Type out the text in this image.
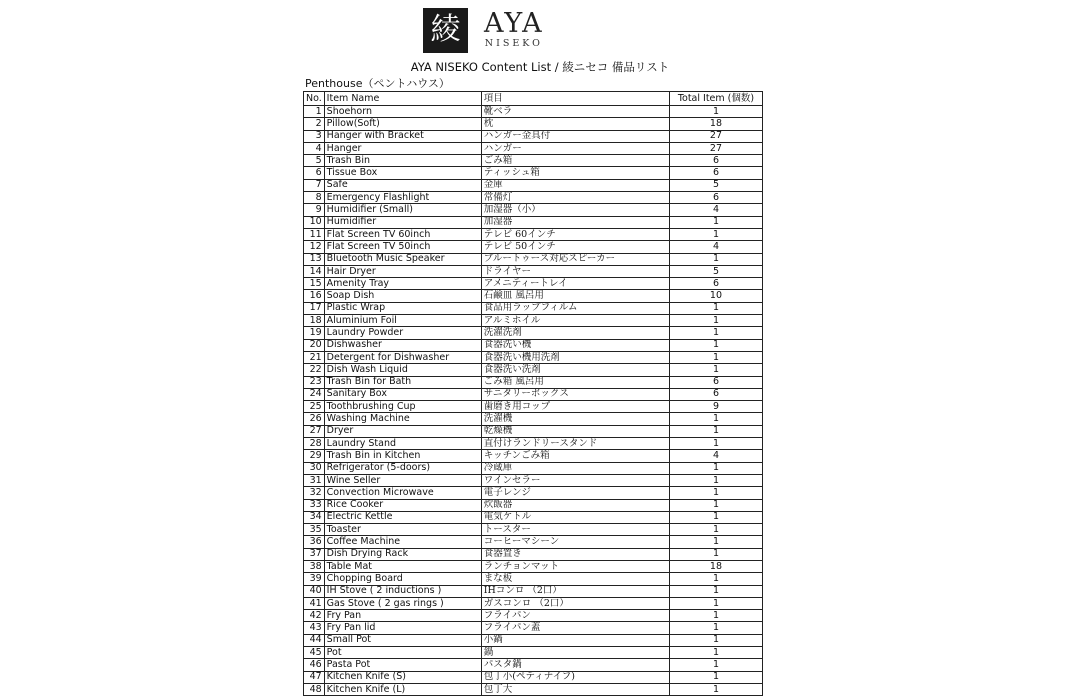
綾 AYA
NISEKO
AYA NISEKO Content List / 綾ニセコ 備品リスト
Penthouse（ペントハウス）
No.	Item Name	項目	Total Item (個数)
1	Shoehorn	靴ベラ	1
2	Pillow(Soft)	枕	18
3	Hanger with Bracket	ハンガー金具付	27
4	Hanger	ハンガー	27
5	Trash Bin	ごみ箱	6
6	Tissue Box	ティッシュ箱	6
7	Safe	金庫	5
8	Emergency Flashlight	常備灯	6
9	Humidifier (Small)	加湿器（小）	4
10	Humidifier	加湿器	1
11	Flat Screen TV 60inch	テレビ 60インチ	1
12	Flat Screen TV 50inch	テレビ 50インチ	4
13	Bluetooth Music Speaker	ブルートゥース対応スピーカー	1
14	Hair Dryer	ドライヤー	5
15	Amenity Tray	アメニティートレイ	6
16	Soap Dish	石鹸皿 風呂用	10
17	Plastic Wrap	食品用ラップフィルム	1
18	Aluminium Foil	アルミホイル	1
19	Laundry Powder	洗濯洗剤	1
20	Dishwasher	食器洗い機	1
21	Detergent for Dishwasher	食器洗い機用洗剤	1
22	Dish Wash Liquid	食器洗い洗剤	1
23	Trash Bin for Bath	ごみ箱 風呂用	6
24	Sanitary Box	サニタリーボックス	6
25	Toothbrushing Cup	歯磨き用コップ	9
26	Washing Machine	洗濯機	1
27	Dryer	乾燥機	1
28	Laundry Stand	直付けランドリースタンド	1
29	Trash Bin in Kitchen	キッチンごみ箱	4
30	Refrigerator (5-doors)	冷蔵庫	1
31	Wine Seller	ワインセラー	1
32	Convection Microwave	電子レンジ	1
33	Rice Cooker	炊飯器	1
34	Electric Kettle	電気ケトル	1
35	Toaster	トースター	1
36	Coffee Machine	コーヒーマシーン	1
37	Dish Drying Rack	食器置き	1
38	Table Mat	ランチョンマット	18
39	Chopping Board	まな板	1
40	IH Stove ( 2 inductions )	IHコンロ （2口）	1
41	Gas Stove ( 2 gas rings )	ガスコンロ （2口）	1
42	Fry Pan	フライパン	1
43	Fry Pan lid	フライパン蓋	1
44	Small Pot	小鍋	1
45	Pot	鍋	1
46	Pasta Pot	パスタ鍋	1
47	Kitchen Knife (S)	包丁小(ペティナイフ)	1
48	Kitchen Knife (L)	包丁大	1
